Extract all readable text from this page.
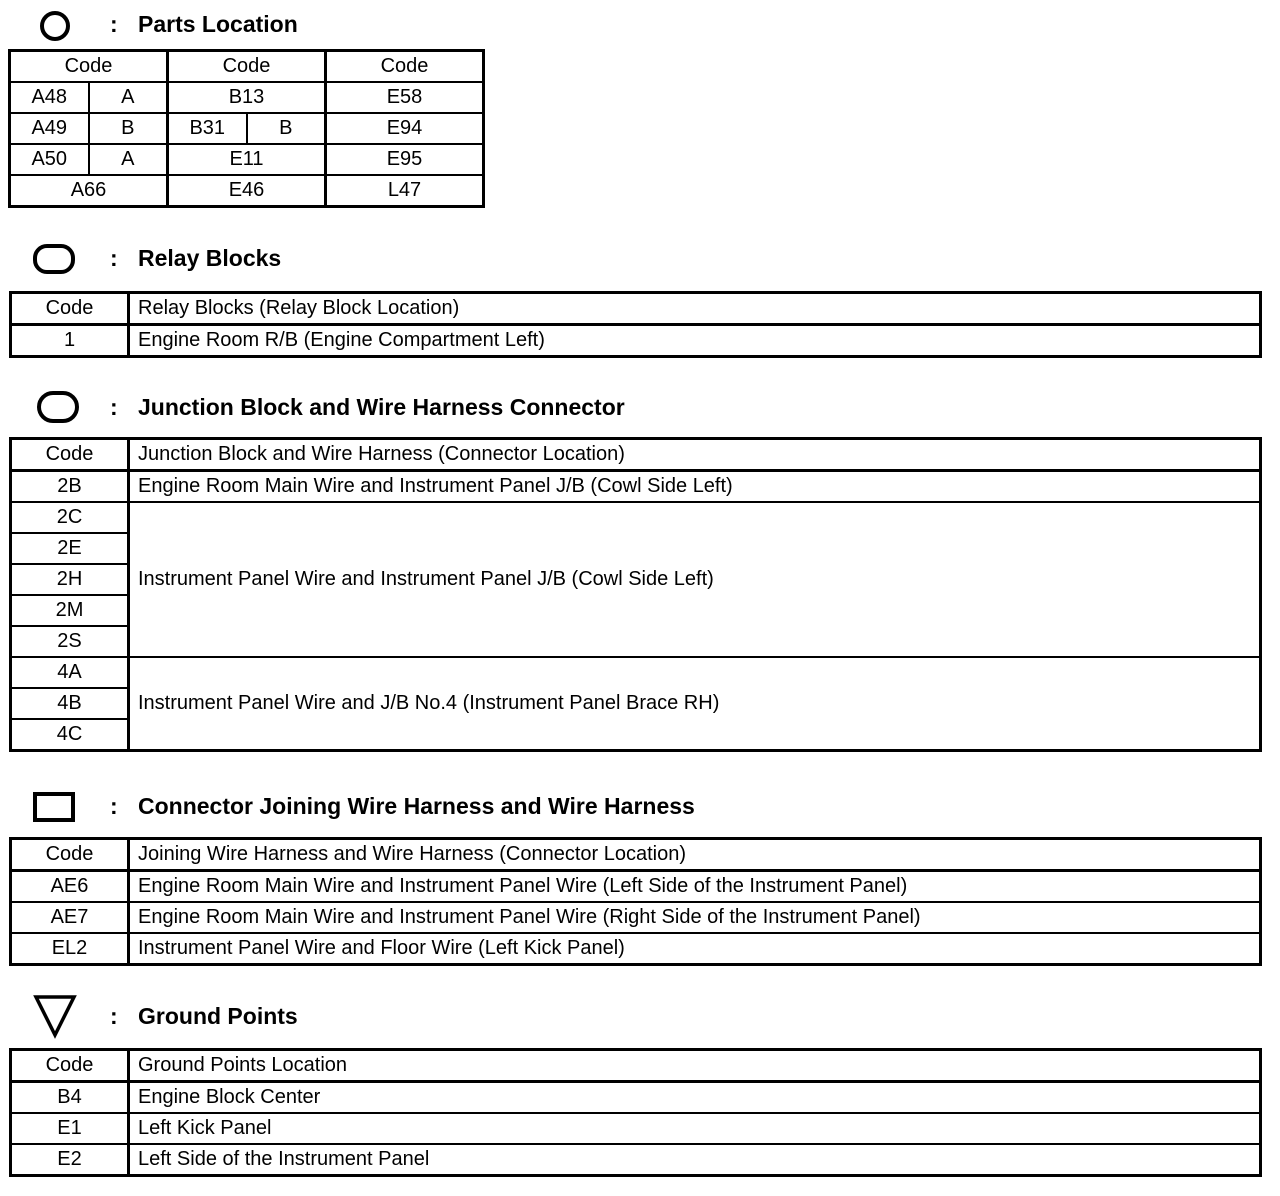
: Parts Location
Code		Code		Code
A48	A	B13		E58
A49	B	B31	B	E94
A50	A	E11		E95
A66		E46		L47
: Relay Blocks
Code	Relay Blocks (Relay Block Location)
1	Engine Room R/B (Engine Compartment Left)
: Junction Block and Wire Harness Connector
Code	Junction Block and Wire Harness (Connector Location)
2B	Engine Room Main Wire and Instrument Panel J/B (Cowl Side Left)
2C	Instrument Panel Wire and Instrument Panel J/B (Cowl Side Left)
2E	
2H	
2M	
2S	
4A	Instrument Panel Wire and J/B No.4 (Instrument Panel Brace RH)
4B	
4C	
: Connector Joining Wire Harness and Wire Harness
Code	Joining Wire Harness and Wire Harness (Connector Location)
AE6	Engine Room Main Wire and Instrument Panel Wire (Left Side of the Instrument Panel)
AE7	Engine Room Main Wire and Instrument Panel Wire (Right Side of the Instrument Panel)
EL2	Instrument Panel Wire and Floor Wire (Left Kick Panel)
: Ground Points
Code	Ground Points Location
B4	Engine Block Center
E1	Left Kick Panel
E2	Left Side of the Instrument Panel
